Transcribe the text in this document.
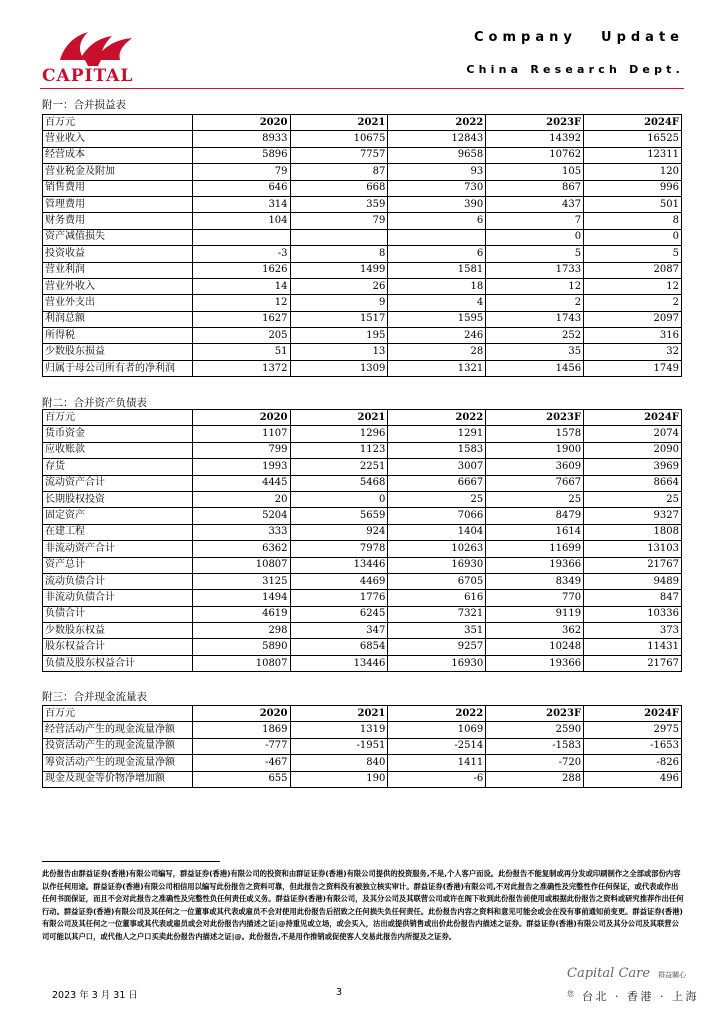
CAPITAL
Company Update
China Research Dept.
附一：合并损益表
百万元	2020	2021	2022	2023F	2024F
营业收入	8933	10675	12843	14392	16525
经营成本	5896	7757	9658	10762	12311
营业税金及附加	79	87	93	105	120
销售费用	646	668	730	867	996
管理费用	314	359	390	437	501
财务费用	104	79	6	7	8
资产减值损失				0	0
投资收益	-3	8	6	5	5
营业利润	1626	1499	1581	1733	2087
营业外收入	14	26	18	12	12
营业外支出	12	9	4	2	2
利润总额	1627	1517	1595	1743	2097
所得税	205	195	246	252	316
少数股东损益	51	13	28	35	32
归属于母公司所有者的净利润	1372	1309	1321	1456	1749
附二：合并资产负债表
百万元	2020	2021	2022	2023F	2024F
货币资金	1107	1296	1291	1578	2074
应收账款	799	1123	1583	1900	2090
存货	1993	2251	3007	3609	3969
流动资产合计	4445	5468	6667	7667	8664
长期股权投资	20	0	25	25	25
固定资产	5204	5659	7066	8479	9327
在建工程	333	924	1404	1614	1808
非流动资产合计	6362	7978	10263	11699	13103
资产总计	10807	13446	16930	19366	21767
流动负债合计	3125	4469	6705	8349	9489
非流动负债合计	1494	1776	616	770	847
负债合计	4619	6245	7321	9119	10336
少数股东权益	298	347	351	362	373
股东权益合计	5890	6854	9257	10248	11431
负债及股东权益合计	10807	13446	16930	19366	21767
附三：合并现金流量表
百万元	2020	2021	2022	2023F	2024F
经营活动产生的现金流量净额	1869	1319	1069	2590	2975
投资活动产生的现金流量净额	-777	-1951	-2514	-1583	-1653
筹资活动产生的现金流量净额	-467	840	1411	-720	-826
现金及现金等价物净增加额	655	190	-6	288	496
此份报告由群益证券(香港)有限公司编写，群益证券(香港)有限公司的投资和由群证证券(香港)有限公司提供的投资服务,不是,个人客户而设。此份报告不能复制或再分发或印刷制作之全部或部份内容以作任何用途。群益证券(香港)有限公司相信用以编写此份报告之资料可靠，但此报告之资料没有被独立核实审计。群益证券(香港)有限公司,不对此报告之准确性及完整性作任何保证，或代表或作出任何书面保证，而且不会对此报告之准确性及完整性负任何责任或义务。群益证券(香港)有限公司，及其分公司及其联营公司或许在阁下收到此份报告前使用或根据此份报告之资料或研究推荐作出任何行动。群益证券(香港)有限公司及其任何之一位董事或其代表或雇员不会对使用此份报告后招致之任何损失负任何责任。此份报告内容之资料和意见可能会或会在没有事前通知前变更。群益证券(香港)有限公司及其任何之一位董事或其代表或雇员或会对此份报告内描述之证|@持重见或立场，或会买入，沽出或提供销售或出价此份报告内描述之证券。群益证券(香港)有限公司及其分公司及其联营公司可能以其户口，或代他人之户口买卖此份报告内描述之证|@。此份报告,不是用作推销或促使客人交易此报告内所提及之证券。
Capital Care 群益關心您 台北 · 香港 · 上海
2023 年 3 月 31 日	3
